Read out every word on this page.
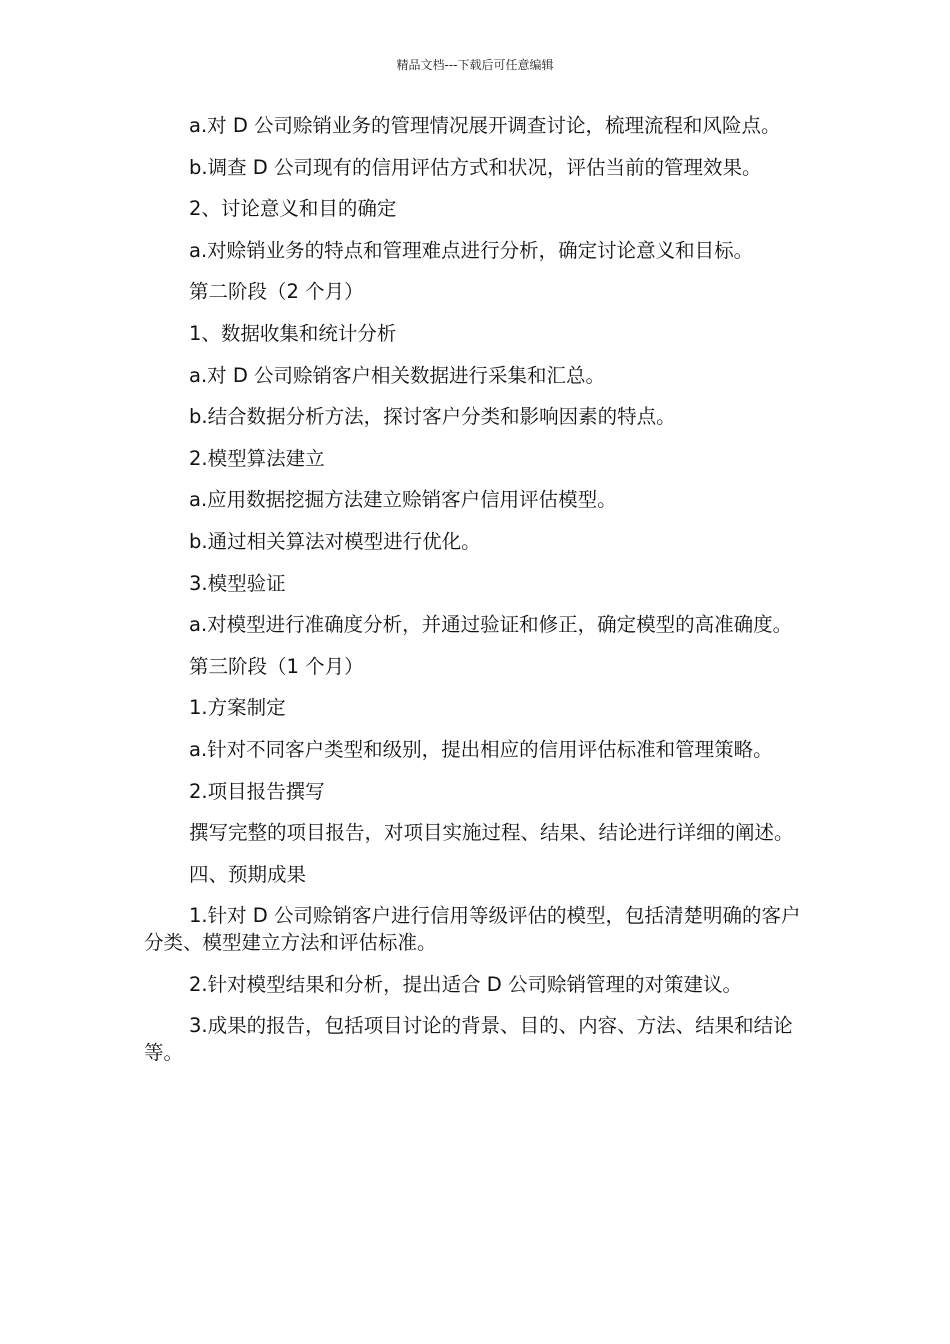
精品文档---下载后可任意编辑

a.对 D 公司赊销业务的管理情况展开调查讨论，梳理流程和风险点。

b.调查 D 公司现有的信用评估方式和状况，评估当前的管理效果。

2、讨论意义和目的确定

a.对赊销业务的特点和管理难点进行分析，确定讨论意义和目标。

第二阶段（2 个月）

1、数据收集和统计分析

a.对 D 公司赊销客户相关数据进行采集和汇总。

b.结合数据分析方法，探讨客户分类和影响因素的特点。

2.模型算法建立

a.应用数据挖掘方法建立赊销客户信用评估模型。

b.通过相关算法对模型进行优化。

3.模型验证

a.对模型进行准确度分析，并通过验证和修正，确定模型的高准确度。

第三阶段（1 个月）

1.方案制定

a.针对不同客户类型和级别，提出相应的信用评估标准和管理策略。

2.项目报告撰写

撰写完整的项目报告，对项目实施过程、结果、结论进行详细的阐述。

四、预期成果

1.针对 D 公司赊销客户进行信用等级评估的模型，包括清楚明确的客户分类、模型建立方法和评估标准。

2.针对模型结果和分析，提出适合 D 公司赊销管理的对策建议。

3.成果的报告，包括项目讨论的背景、目的、内容、方法、结果和结论等。
